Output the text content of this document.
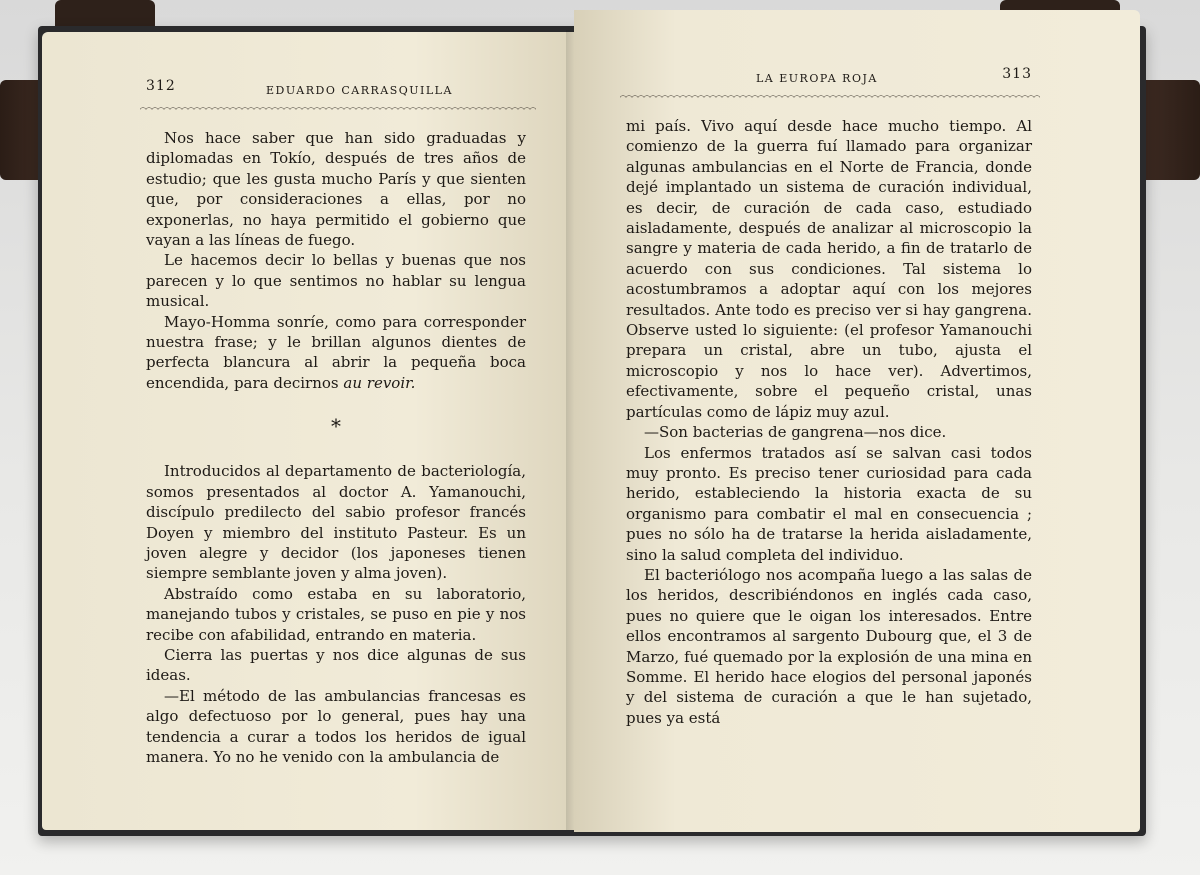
312	EDUARDO CARRASQUILLA

Nos hace saber que han sido graduadas y diplomadas en Tokío, después de tres años de estudio; que les gusta mucho París y que sienten que, por consideraciones a ellas, por no exponerlas, no haya permitido el gobierno que vayan a las líneas de fuego.

Le hacemos decir lo bellas y buenas que nos parecen y lo que sentimos no hablar su lengua musical.

Mayo-Homma sonríe, como para corresponder nuestra frase; y le brillan algunos dientes de perfecta blancura al abrir la pequeña boca encendida, para decirnos au revoir.

*

Introducidos al departamento de bacteriología, somos presentados al doctor A. Yamanouchi, discípulo predilecto del sabio profesor francés Doyen y miembro del instituto Pasteur. Es un joven alegre y decidor (los japoneses tienen siempre semblante joven y alma joven).

Abstraído como estaba en su laboratorio, manejando tubos y cristales, se puso en pie y nos recibe con afabilidad, entrando en materia.

Cierra las puertas y nos dice algunas de sus ideas.

—El método de las ambulancias francesas es algo defectuoso por lo general, pues hay una tendencia a curar a todos los heridos de igual manera. Yo no he venido con la ambulancia de

LA EUROPA ROJA	313

mi país. Vivo aquí desde hace mucho tiempo. Al comienzo de la guerra fuí llamado para organizar algunas ambulancias en el Norte de Francia, donde dejé implantado un sistema de curación individual, es decir, de curación de cada caso, estudiado aisladamente, después de analizar al microscopio la sangre y materia de cada herido, a fin de tratarlo de acuerdo con sus condiciones. Tal sistema lo acostumbramos a adoptar aquí con los mejores resultados. Ante todo es preciso ver si hay gangrena. Observe usted lo siguiente: (el profesor Yamanouchi prepara un cristal, abre un tubo, ajusta el microscopio y nos lo hace ver). Advertimos, efectivamente, sobre el pequeño cristal, unas partículas como de lápiz muy azul.

—Son bacterias de gangrena—nos dice.

Los enfermos tratados así se salvan casi todos muy pronto. Es preciso tener curiosidad para cada herido, estableciendo la historia exacta de su organismo para combatir el mal en consecuencia ; pues no sólo ha de tratarse la herida aisladamente, sino la salud completa del individuo.

El bacteriólogo nos acompaña luego a las salas de los heridos, describiéndonos en inglés cada caso, pues no quiere que le oigan los interesados. Entre ellos encontramos al sargento Dubourg que, el 3 de Marzo, fué quemado por la explosión de una mina en Somme. El herido hace elogios del personal japonés y del sistema de curación a que le han sujetado, pues ya está
